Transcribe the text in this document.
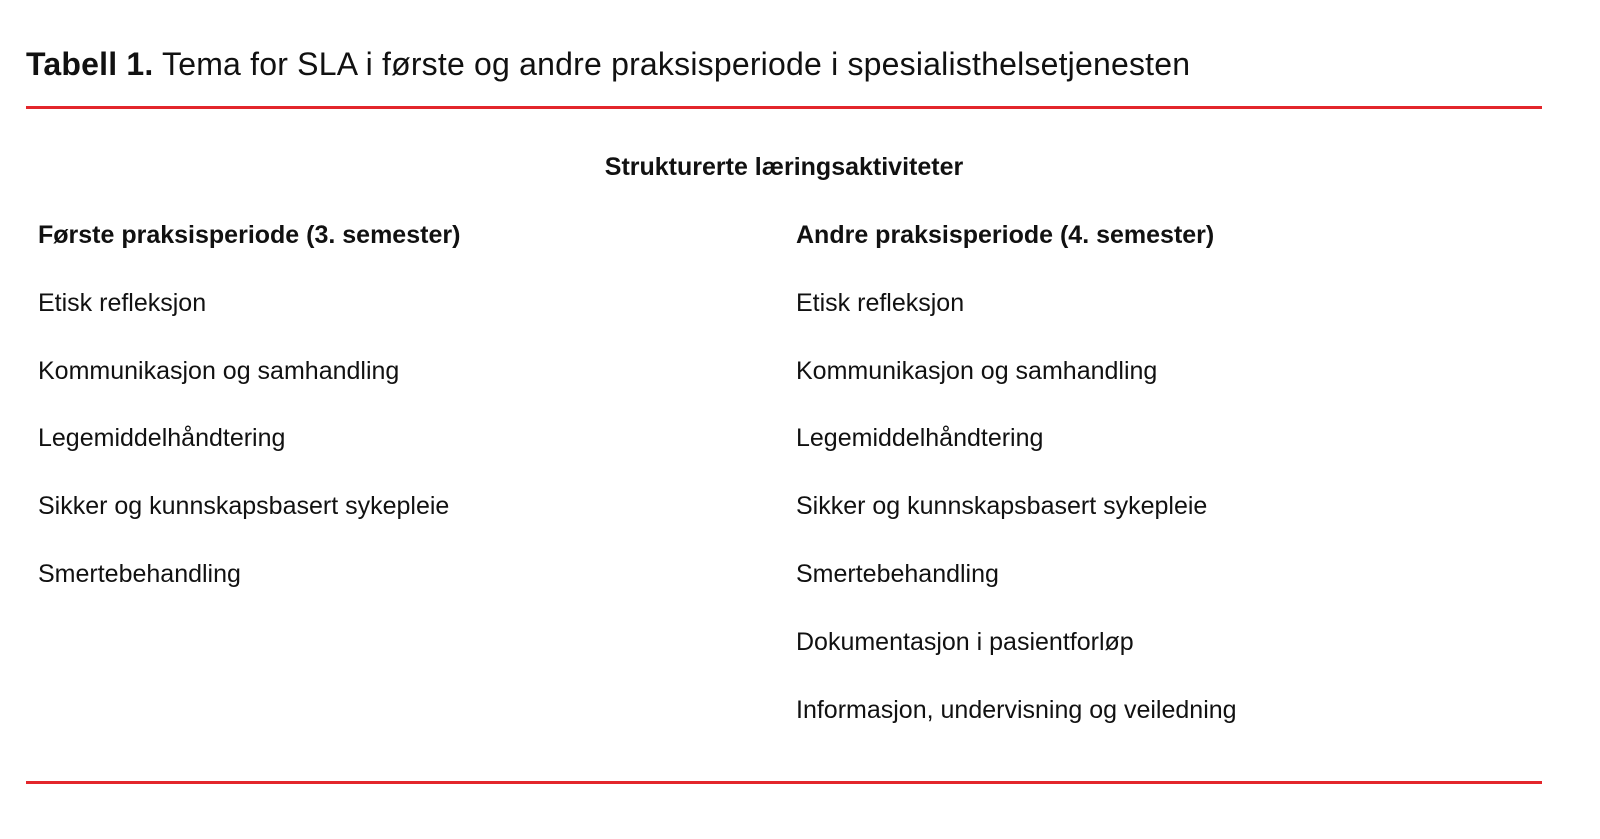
Tabell 1. Tema for SLA i første og andre praksisperiode i spesialisthelsetjenesten
Strukturerte læringsaktiviteter
Første praksisperiode (3. semester)
Etisk refleksjon
Kommunikasjon og samhandling
Legemiddelhåndtering
Sikker og kunnskapsbasert sykepleie
Smertebehandling
Andre praksisperiode (4. semester)
Etisk refleksjon
Kommunikasjon og samhandling
Legemiddelhåndtering
Sikker og kunnskapsbasert sykepleie
Smertebehandling
Dokumentasjon i pasientforløp
Informasjon, undervisning og veiledning
